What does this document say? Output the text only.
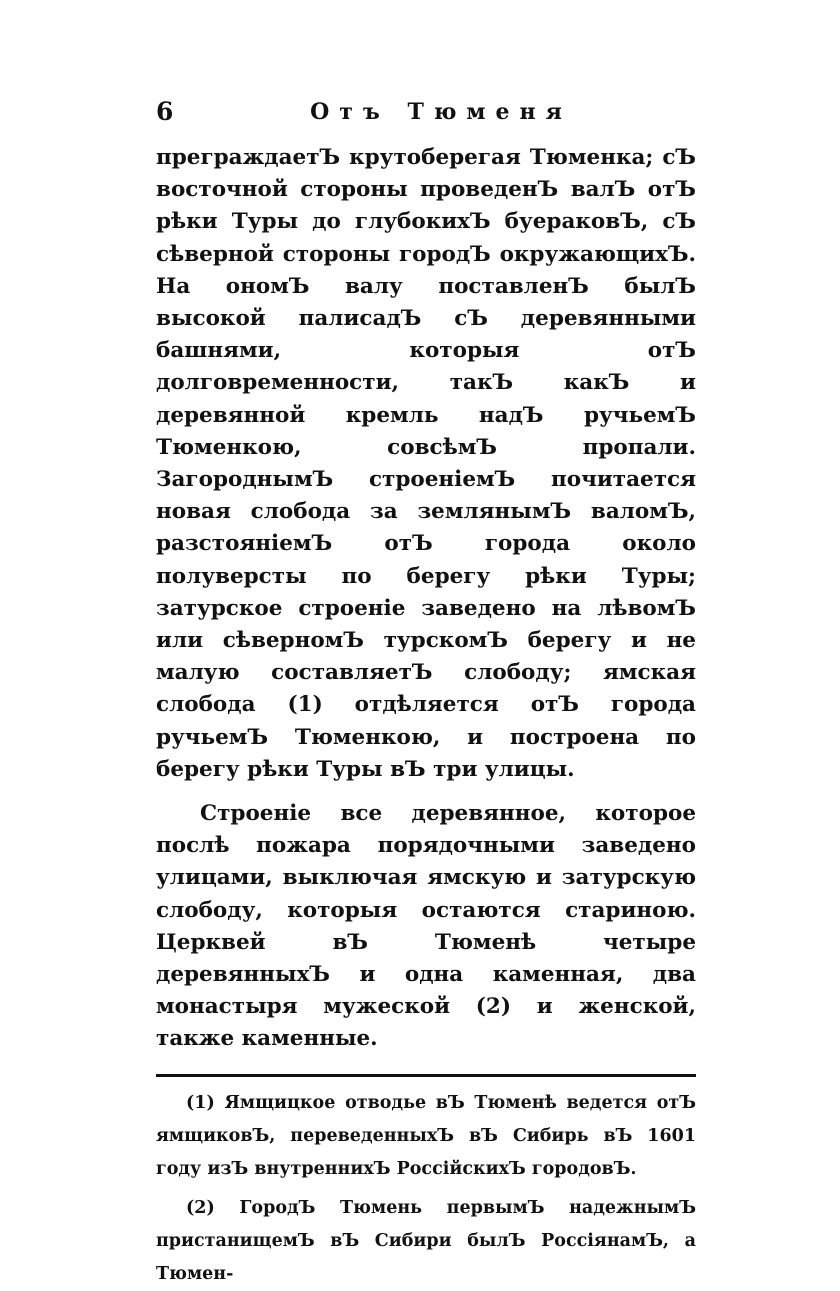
6	Отъ Тюменя

преграждаетЪ крутоберегая Тюменка; сЪ восточной стороны проведенЪ валЪ отЪ рѣки Туры до глубокихЪ буераковЪ, сЪ сѣверной стороны городЪ окружающихЪ. На ономЪ валу поставленЪ былЪ высокой палисадЪ сЪ деревянными башнями, которыя отЪ долговременности, такЪ какЪ и деревянной кремль надЪ ручьемЪ Тюменкою, совсѣмЪ пропали. ЗагороднымЪ строеніемЪ почитается новая слобода за землянымЪ валомЪ, разстояніемЪ отЪ города около полуверсты по берегу рѣки Туры; затурское строеніе заведено на лѣвомЪ или сѣверномЪ турскомЪ берегу и не малую составляетЪ слободу; ямская слобода (1) отдѣляется отЪ города ручьемЪ Тюменкою, и построена по берегу рѣки Туры вЪ три улицы.

Строеніе все деревянное, которое послѣ пожара порядочными заведено улицами, выключая ямскую и затурскую слободу, которыя остаются стариною. Церквей вЪ Тюменѣ четыре деревянныхЪ и одна каменная, два монастыря мужеской (2) и женской, также каменные.

(1) Ямщицкое отводье вЪ Тюменѣ ведется отЪ ямщиковЪ, переведенныхЪ вЪ Сибирь вЪ 1601 году изЪ внутреннихЪ РоссійскихЪ городовЪ.

(2) ГородЪ Тюмень первымЪ надежнымЪ пристанищемЪ вЪ Сибири былЪ РоссіянамЪ, а Тюмен-
